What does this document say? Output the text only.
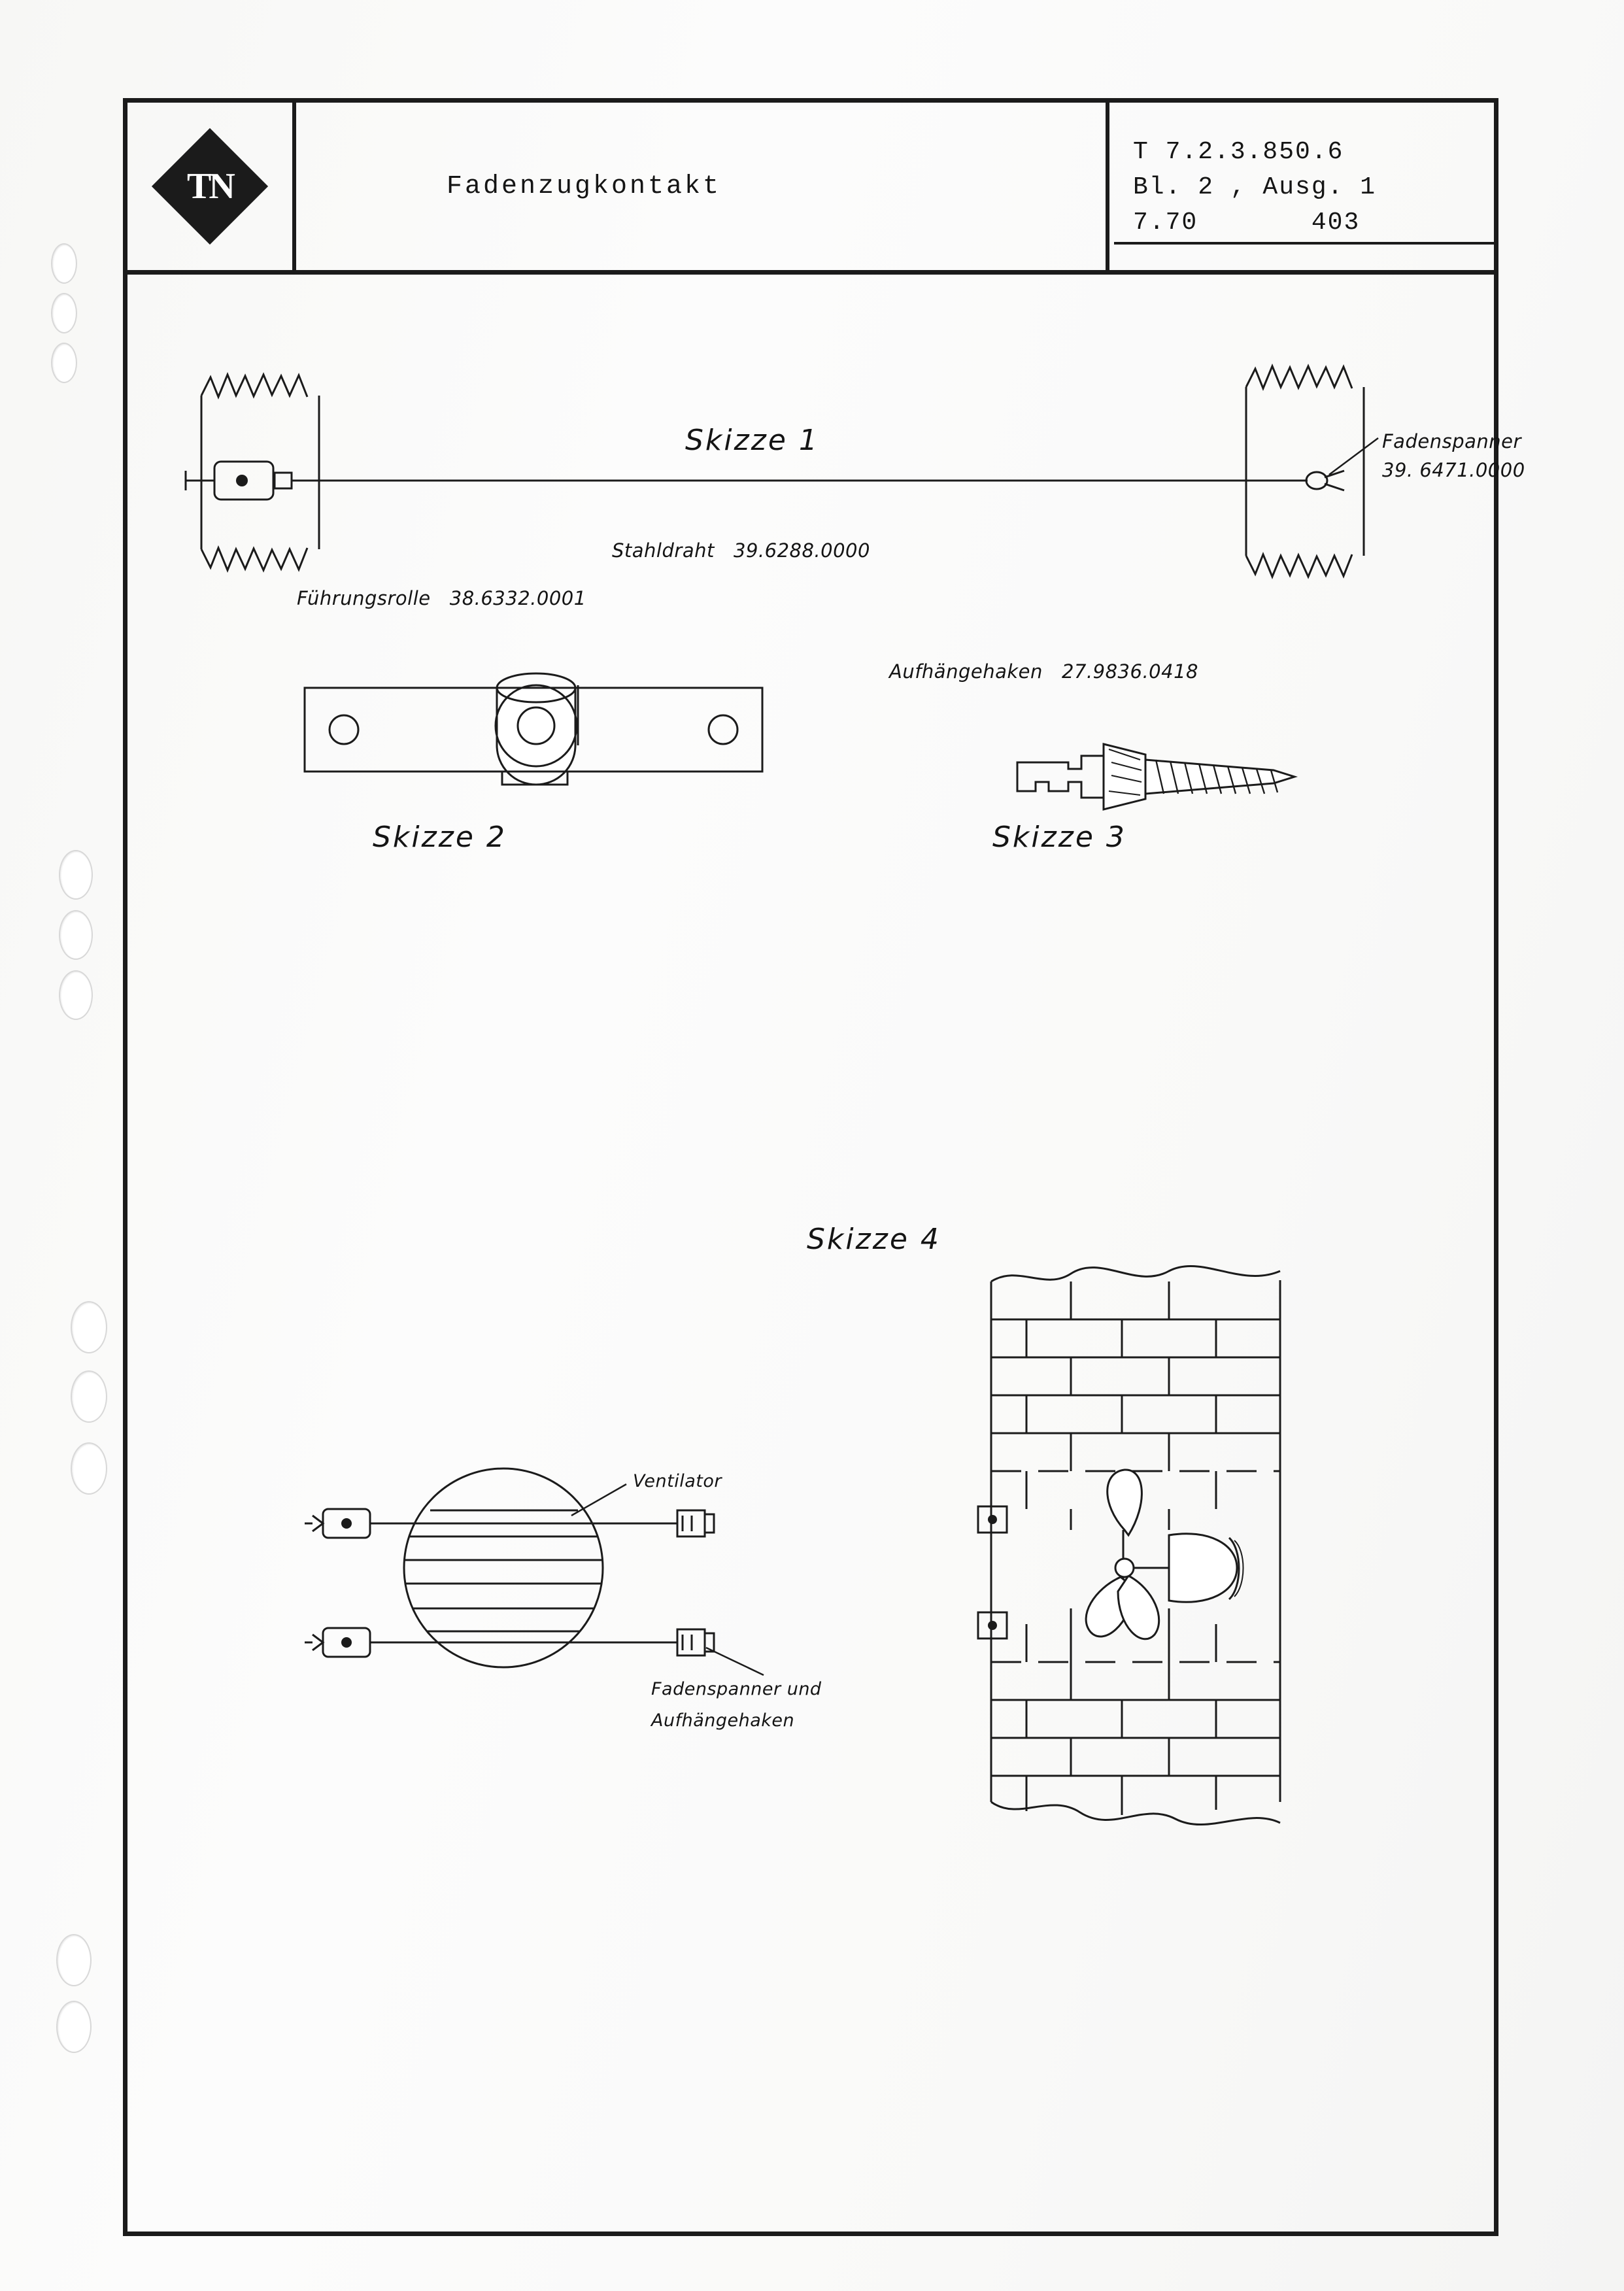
TN	Fadenzugkontakt
T 7.2.3.850.6
Bl. 2 , Ausg. 1
7.70       403
Skizze 1
Stahldraht   39.6288.0000
Fadenspanner
39. 6471.0000
Führungsrolle   38.6332.0001
Skizze 2
Aufhängehaken   27.9836.0418
Skizze 3
Skizze 4
Ventilator
Fadenspanner und
Aufhängehaken
